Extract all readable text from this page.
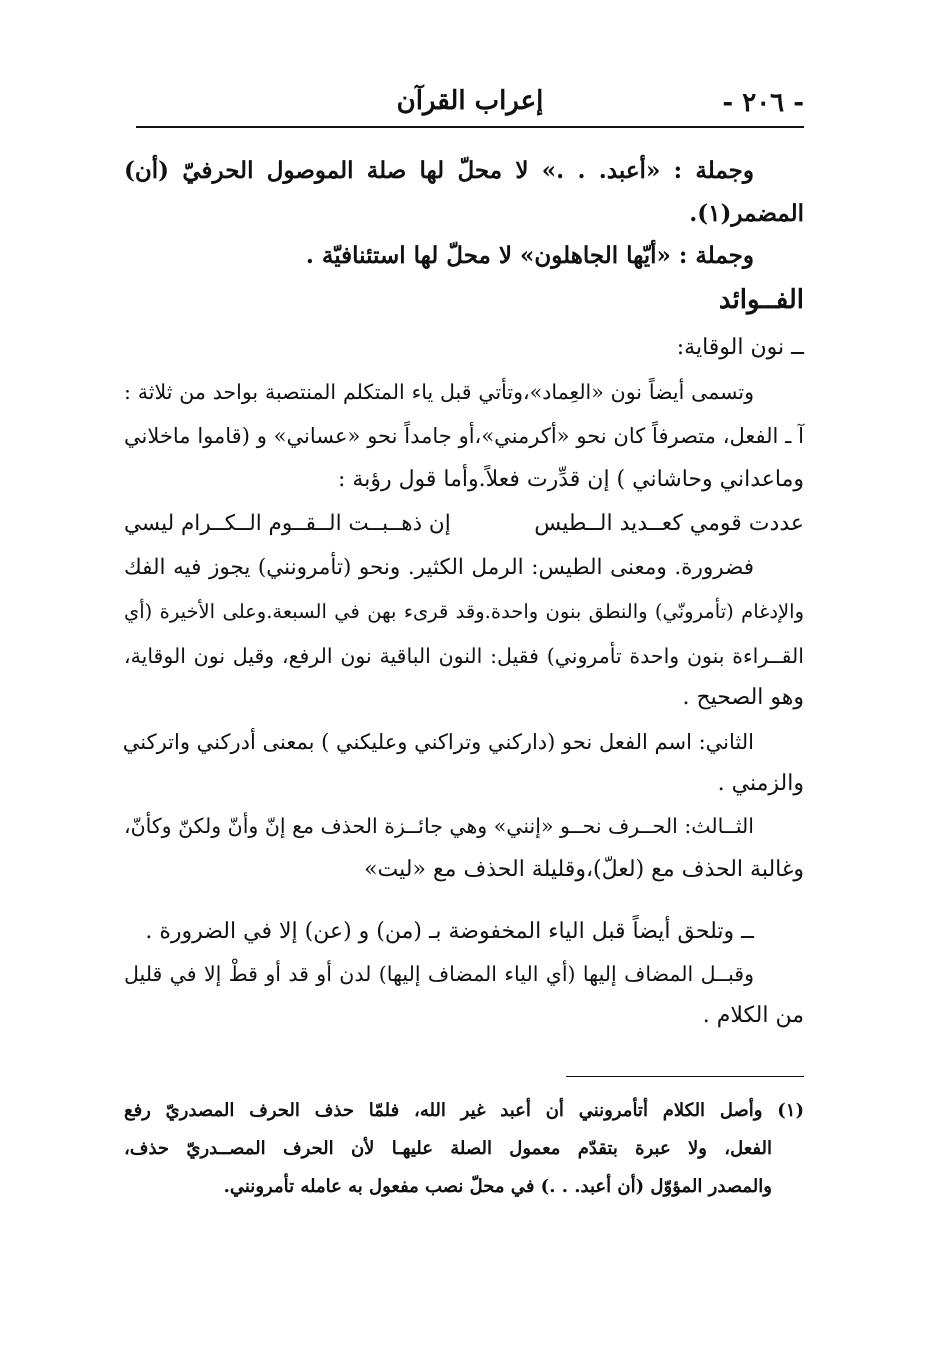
- ٢٠٦ -
إعراب القرآن
وجملة : «أعبد. . .» لا محلّ لها صلة الموصول الحرفيّ (أن)
المضمر(١).
وجملة : «أيّها الجاهلون» لا محلّ لها استئنافيّة .
الفــوائد
ــ نون الوقاية:
وتسمى أيضاً نون «العِماد»،وتأتي قبل ياء المتكلم المنتصبة بواحد من ثلاثة :
آ ـ الفعل، متصرفاً كان نحو «أكرمني»،أو جامداً نحو «عساني» و (قاموا ماخلاني
وماعداني وحاشاني ) إن قدِّرت فعلاً.وأما قول رؤبة :
عددت قومي كعــديد الــطيس
إن ذهــبــت الــقــوم الــكــرام ليسي
فضرورة. ومعنى الطيس: الرمل الكثير. ونحو (تأمرونني) يجوز فيه الفك
والإدغام (تأمرونّي) والنطق بنون واحدة.وقد قرىء بهن في السبعة.وعلى الأخيرة (أي
القــراءة بنون واحدة تأمروني) فقيل: النون الباقية نون الرفع، وقيل نون الوقاية،
وهو الصحيح .
الثاني: اسم الفعل نحو (داركني وتراكني وعليكني ) بمعنى أدركني واتركني
والزمني .
الثــالث: الحــرف نحــو «إنني» وهي جائــزة الحذف مع إنّ وأنّ ولكنّ وكأنّ،
وغالبة الحذف مع (لعلّ)،وقليلة الحذف مع «ليت»
ــ وتلحق أيضاً قبل الياء المخفوضة بـ (من) و (عن) إلا في الضرورة .
وقبــل المضاف إليها (أي الياء المضاف إليها) لدن أو قد أو قطْ إلا في قليل
من الكلام .
(١) وأصل الكلام أتأمرونني أن أعبد غير الله، فلمّا حذف الحرف المصدريّ رفع
الفعل، ولا عبرة بتقدّم معمول الصلة عليهـا لأن الحرف المصــدريّ حذف،
والمصدر المؤوّل (أن أعبد. . .) في محلّ نصب مفعول به عامله تأمرونني.
